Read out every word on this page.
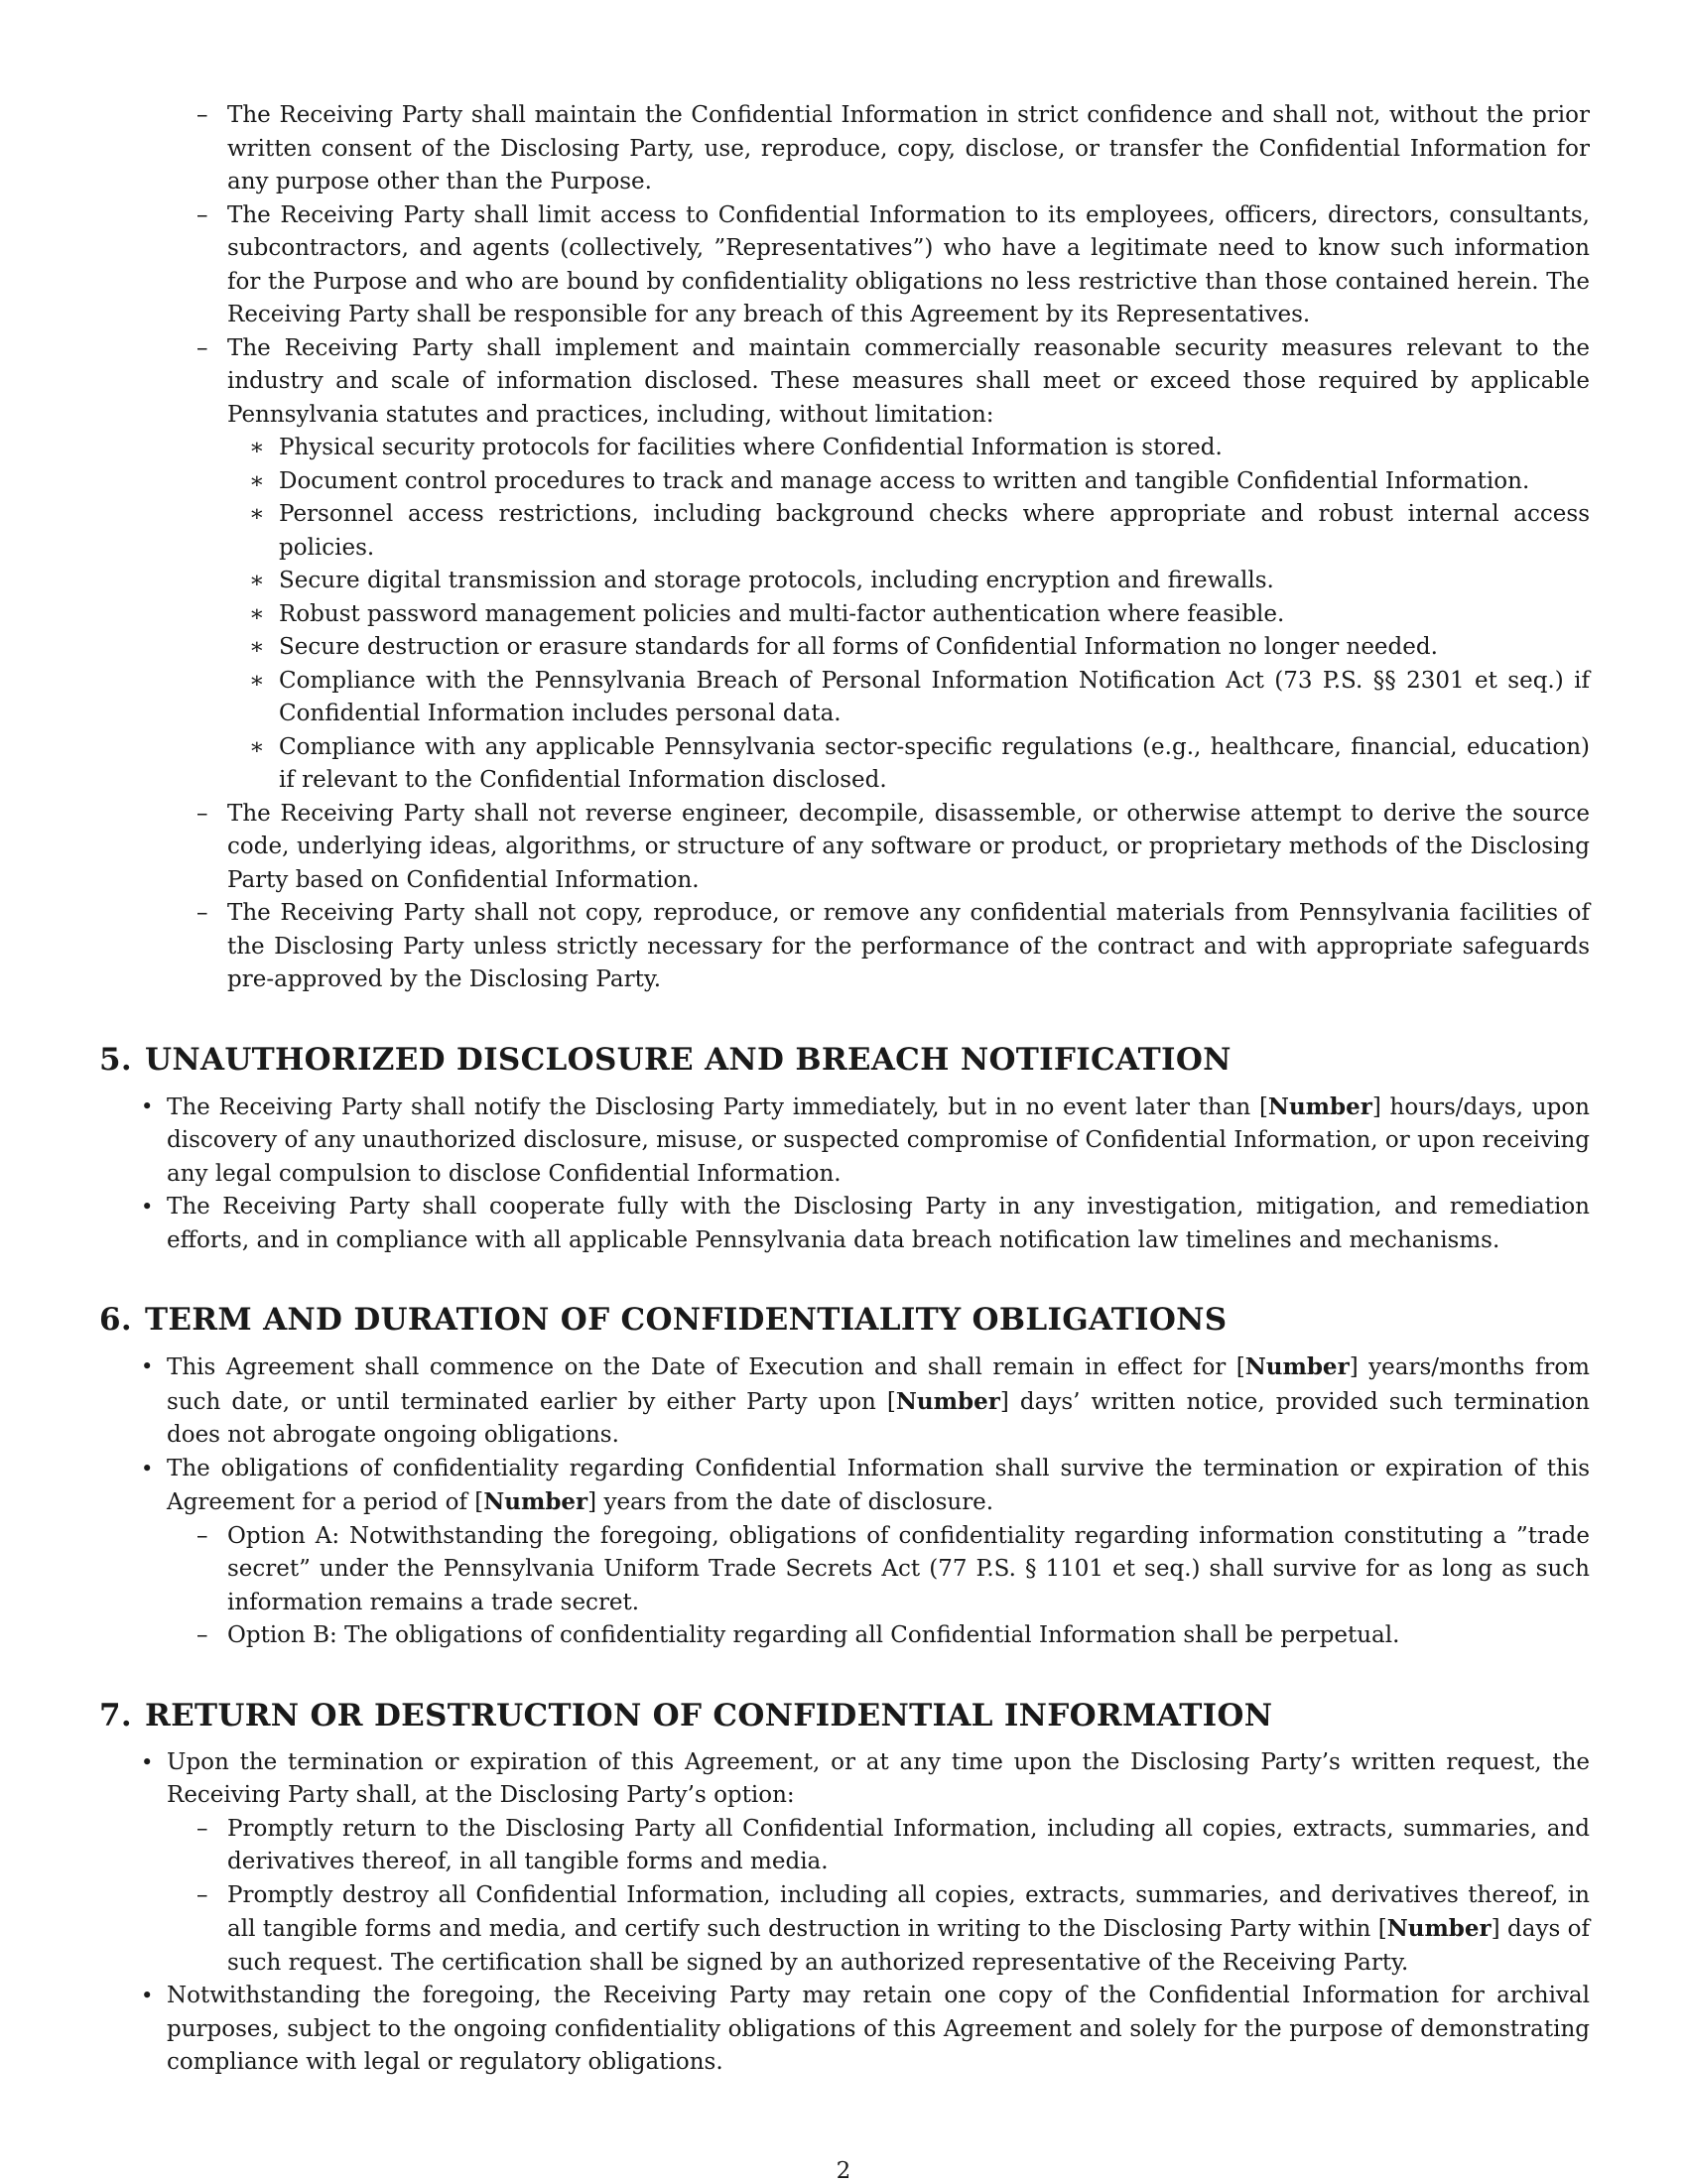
– The Receiving Party shall maintain the Confidential Information in strict confidence and shall not, without the prior written consent of the Disclosing Party, use, reproduce, copy, disclose, or transfer the Confidential Information for any purpose other than the Purpose.
– The Receiving Party shall limit access to Confidential Information to its employees, officers, directors, consultants, subcontractors, and agents (collectively, ”Representatives”) who have a legitimate need to know such information for the Purpose and who are bound by confidentiality obligations no less restrictive than those contained herein. The Receiving Party shall be responsible for any breach of this Agreement by its Representatives.
– The Receiving Party shall implement and maintain commercially reasonable security measures relevant to the industry and scale of information disclosed. These measures shall meet or exceed those required by applicable Pennsylvania statutes and practices, including, without limitation:
∗ Physical security protocols for facilities where Confidential Information is stored.
∗ Document control procedures to track and manage access to written and tangible Confidential Information.
∗ Personnel access restrictions, including background checks where appropriate and robust internal access policies.
∗ Secure digital transmission and storage protocols, including encryption and firewalls.
∗ Robust password management policies and multi-factor authentication where feasible.
∗ Secure destruction or erasure standards for all forms of Confidential Information no longer needed.
∗ Compliance with the Pennsylvania Breach of Personal Information Notification Act (73 P.S. §§ 2301 et seq.) if Confidential Information includes personal data.
∗ Compliance with any applicable Pennsylvania sector-specific regulations (e.g., healthcare, financial, education) if relevant to the Confidential Information disclosed.
– The Receiving Party shall not reverse engineer, decompile, disassemble, or otherwise attempt to derive the source code, underlying ideas, algorithms, or structure of any software or product, or proprietary methods of the Disclosing Party based on Confidential Information.
– The Receiving Party shall not copy, reproduce, or remove any confidential materials from Pennsylvania facilities of the Disclosing Party unless strictly necessary for the performance of the contract and with appropriate safeguards pre-approved by the Disclosing Party.
5. UNAUTHORIZED DISCLOSURE AND BREACH NOTIFICATION
• The Receiving Party shall notify the Disclosing Party immediately, but in no event later than [Number] hours/days, upon discovery of any unauthorized disclosure, misuse, or suspected compromise of Confidential Information, or upon receiving any legal compulsion to disclose Confidential Information.
• The Receiving Party shall cooperate fully with the Disclosing Party in any investigation, mitigation, and remediation efforts, and in compliance with all applicable Pennsylvania data breach notification law timelines and mechanisms.
6. TERM AND DURATION OF CONFIDENTIALITY OBLIGATIONS
• This Agreement shall commence on the Date of Execution and shall remain in effect for [Number] years/months from such date, or until terminated earlier by either Party upon [Number] days’ written notice, provided such termination does not abrogate ongoing obligations.
• The obligations of confidentiality regarding Confidential Information shall survive the termination or expiration of this Agreement for a period of [Number] years from the date of disclosure.
– Option A: Notwithstanding the foregoing, obligations of confidentiality regarding information constituting a ”trade secret” under the Pennsylvania Uniform Trade Secrets Act (77 P.S. § 1101 et seq.) shall survive for as long as such information remains a trade secret.
– Option B: The obligations of confidentiality regarding all Confidential Information shall be perpetual.
7. RETURN OR DESTRUCTION OF CONFIDENTIAL INFORMATION
• Upon the termination or expiration of this Agreement, or at any time upon the Disclosing Party’s written request, the Receiving Party shall, at the Disclosing Party’s option:
– Promptly return to the Disclosing Party all Confidential Information, including all copies, extracts, summaries, and derivatives thereof, in all tangible forms and media.
– Promptly destroy all Confidential Information, including all copies, extracts, summaries, and derivatives thereof, in all tangible forms and media, and certify such destruction in writing to the Disclosing Party within [Number] days of such request. The certification shall be signed by an authorized representative of the Receiving Party.
• Notwithstanding the foregoing, the Receiving Party may retain one copy of the Confidential Information for archival purposes, subject to the ongoing confidentiality obligations of this Agreement and solely for the purpose of demonstrating compliance with legal or regulatory obligations.
2
